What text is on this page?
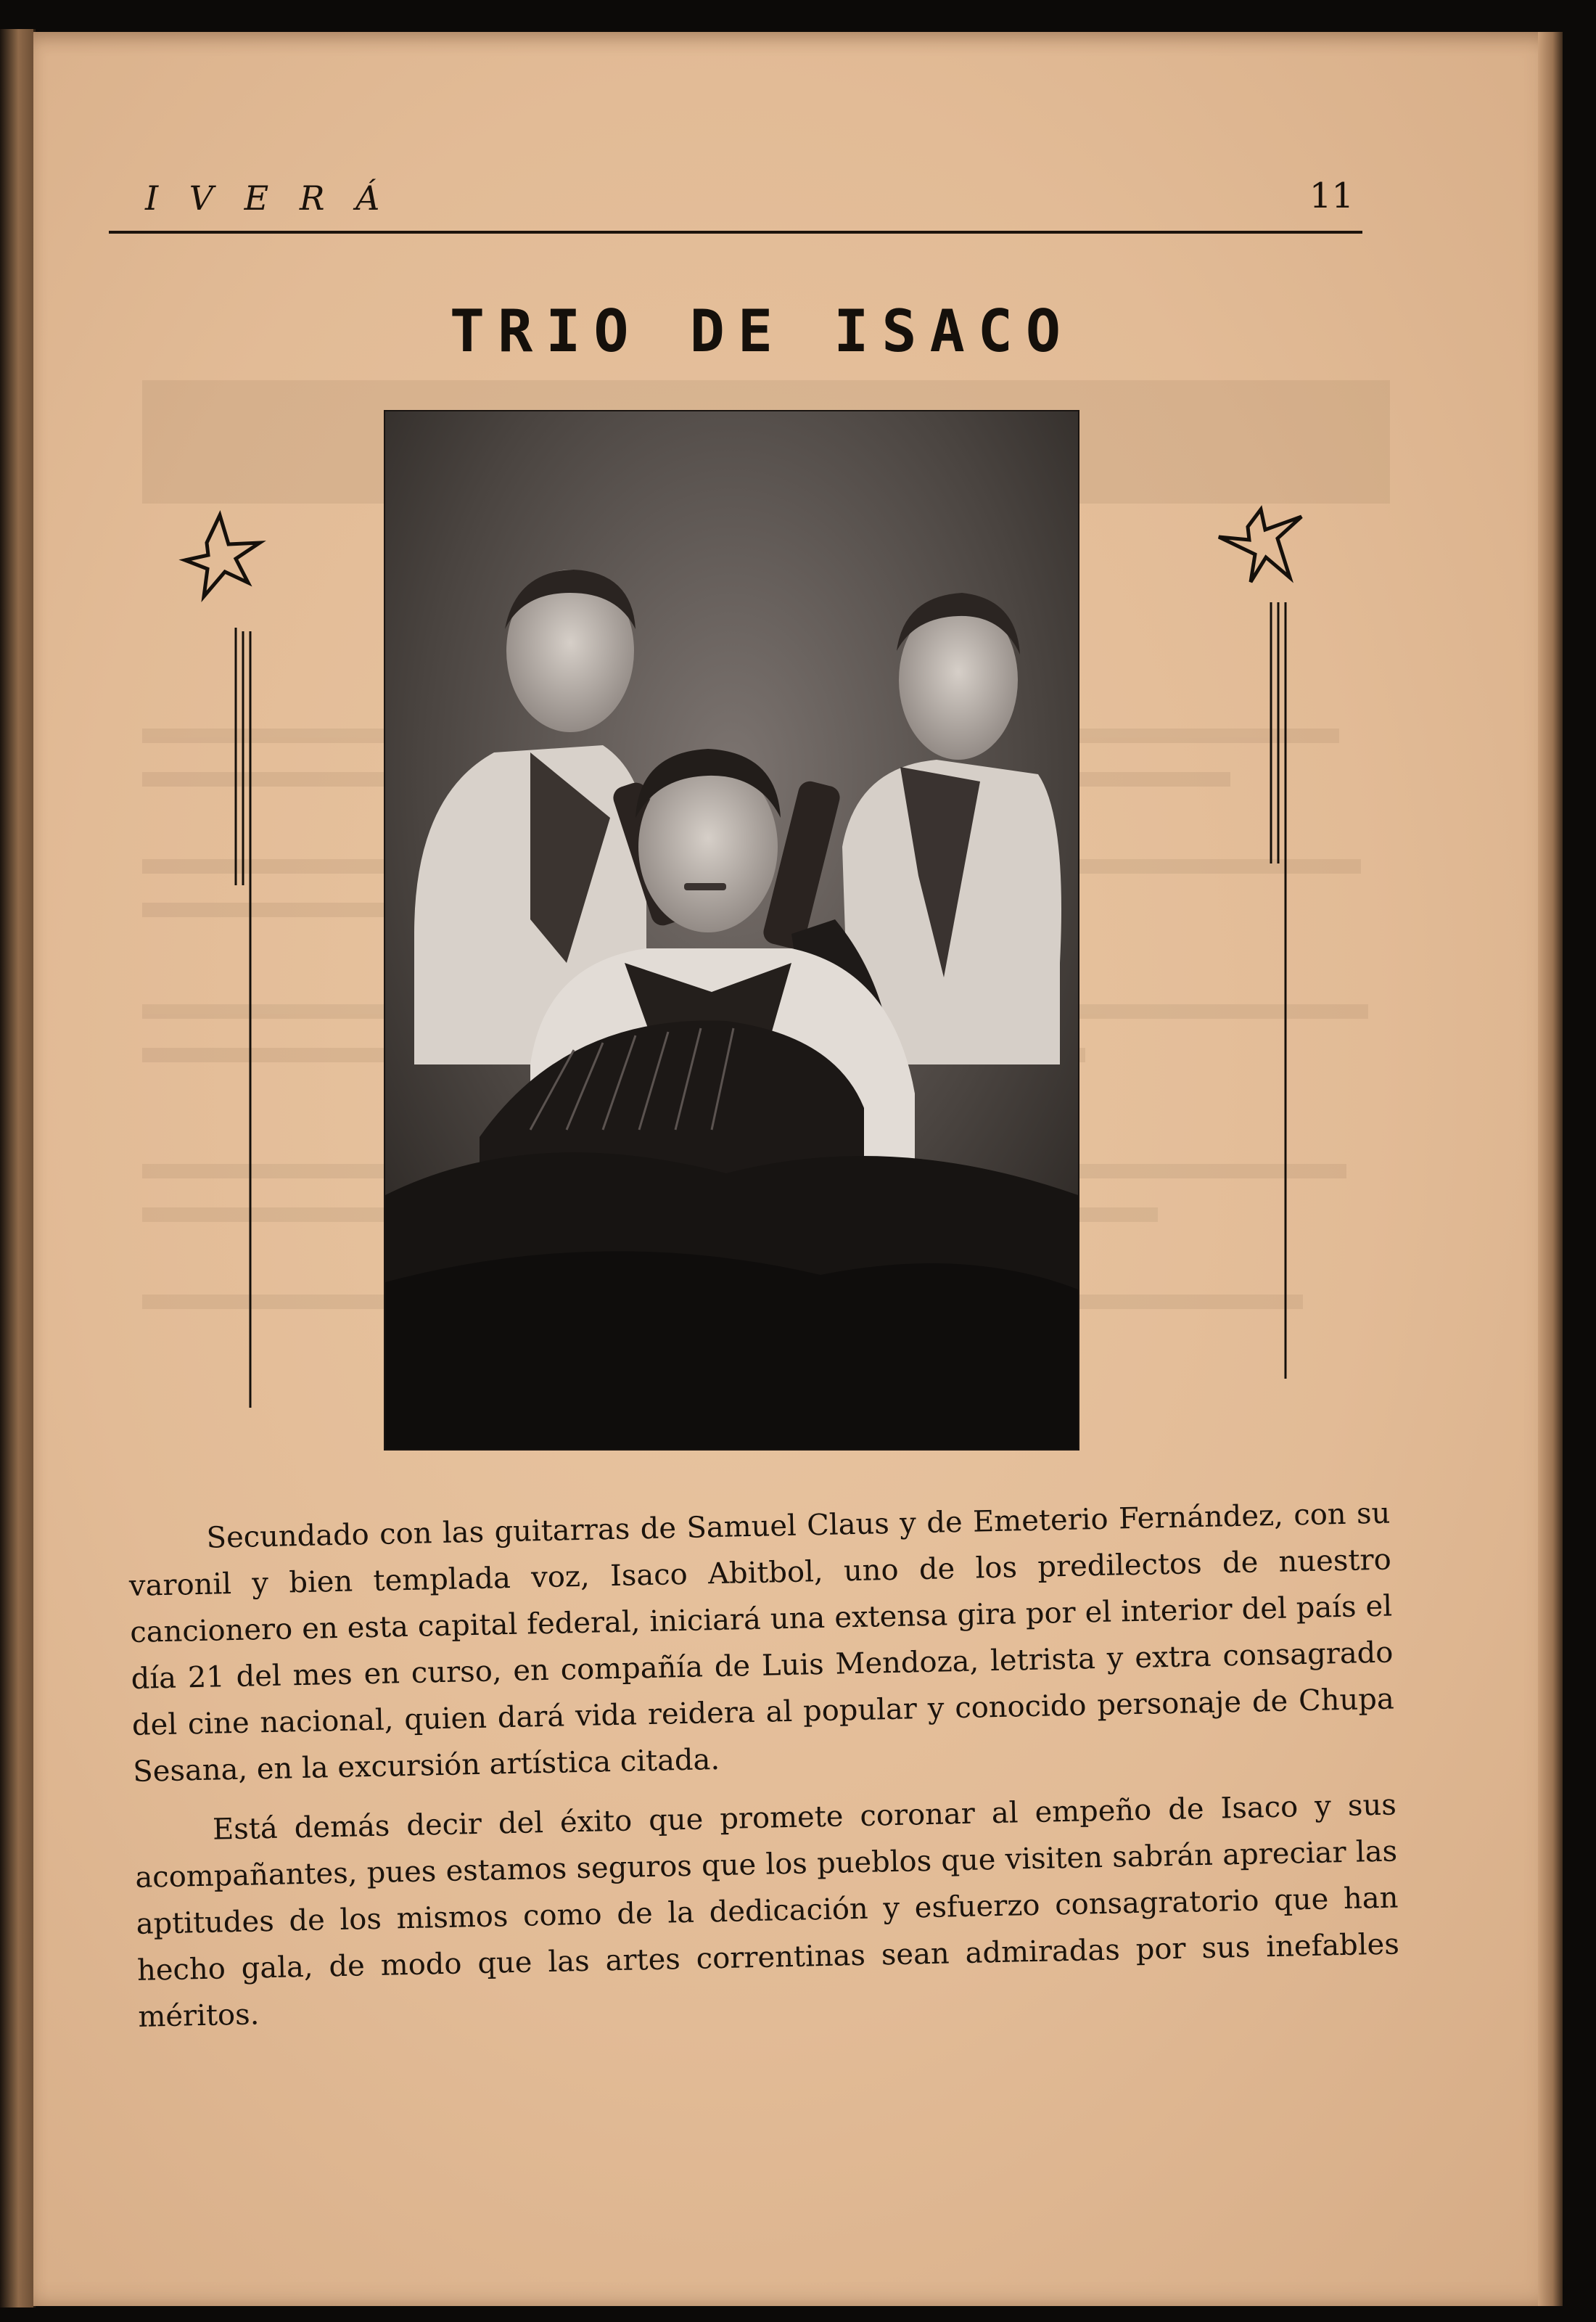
I V E R Á	11
TRIO DE ISACO

Secundado con las guitarras de Samuel Claus y de Emeterio Fernández, con su varonil y bien templada voz, Isaco Abitbol, uno de los predilectos de nuestro cancionero en esta capital federal, iniciará una extensa gira por el interior del país el día 21 del mes en curso, en compañía de Luis Mendoza, letrista y extra consagrado del cine nacional, quien dará vida reidera al popular y conocido personaje de Chupa Sesana, en la excursión artística citada.

Está demás decir del éxito que promete coronar al empeño de Isaco y sus acompañantes, pues estamos seguros que los pueblos que visiten sabrán apreciar las aptitudes de los mismos como de la dedicación y esfuerzo consagratorio que han hecho gala, de modo que las artes correntinas sean admiradas por sus inefables méritos.
